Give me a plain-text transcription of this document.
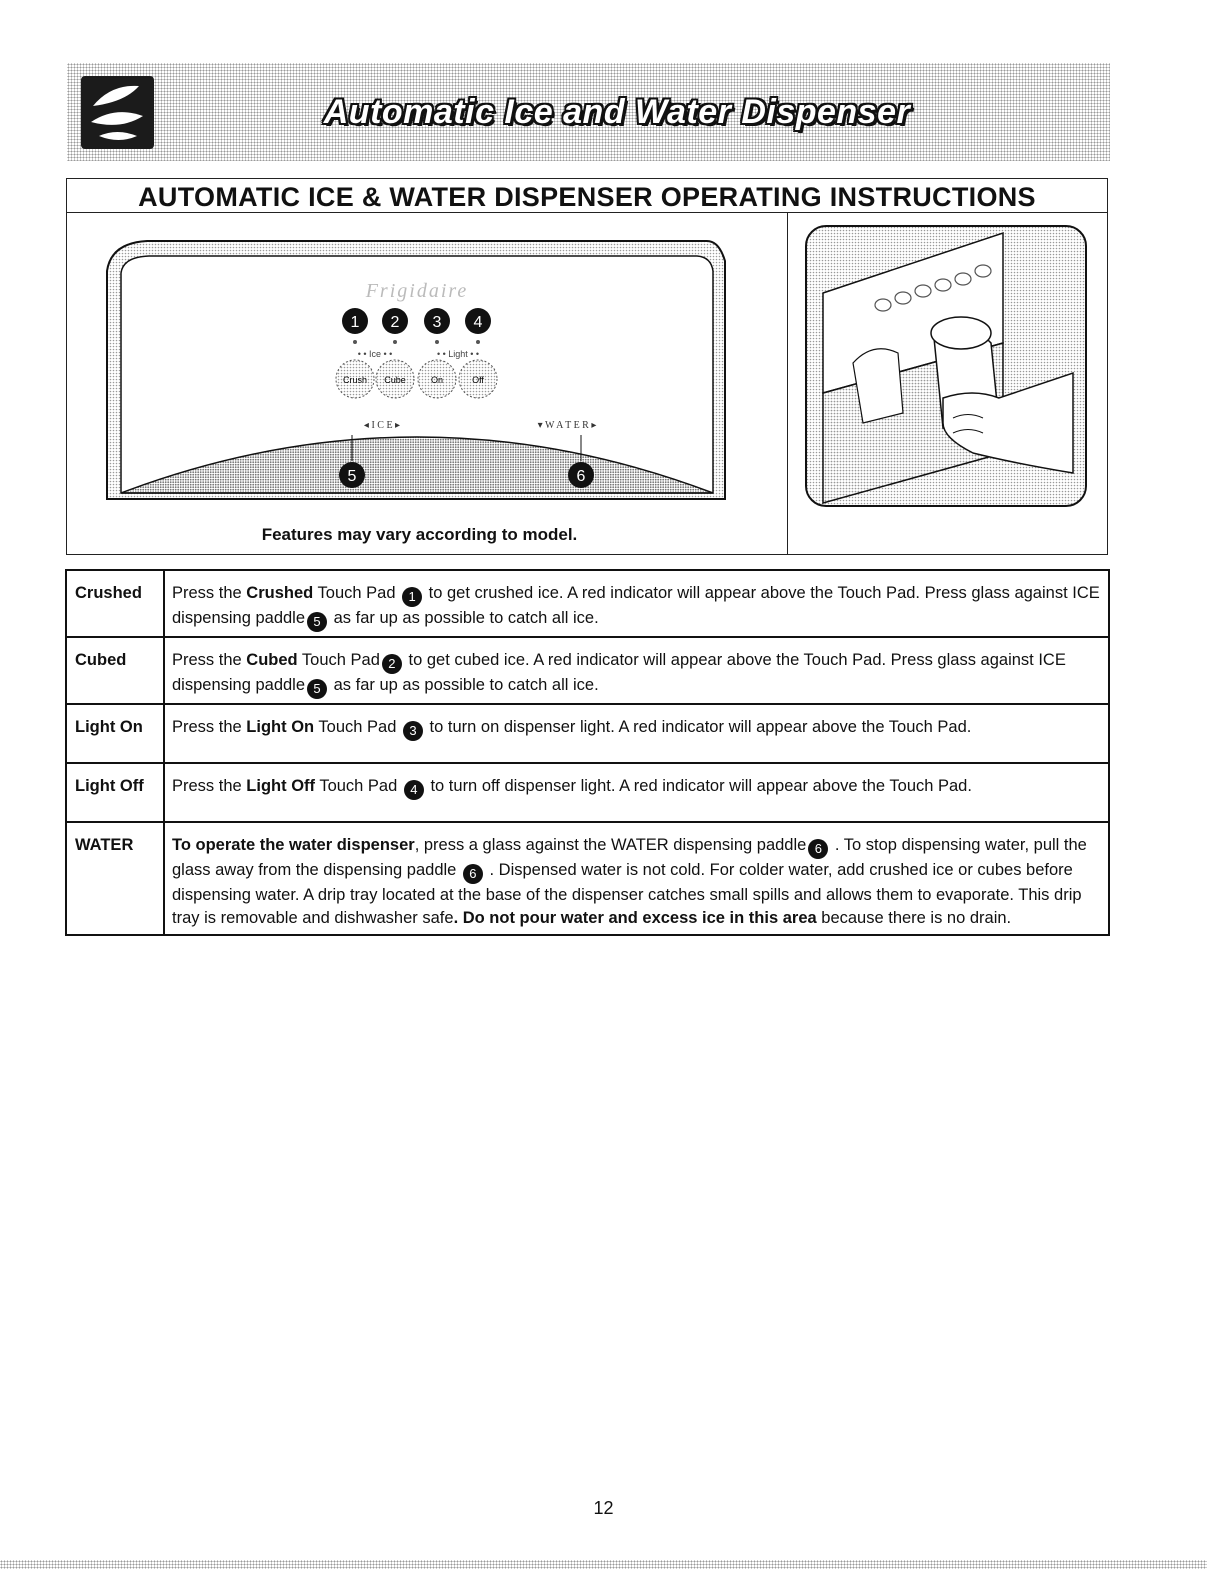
Automatic Ice and Water Dispenser
AUTOMATIC ICE & WATER DISPENSER OPERATING INSTRUCTIONS
Frigidaire
1 2 3 4
• • Ice • •	• • Light • •
Crush Cube	On	Off
◂ I C E ▸	▾ W A T E R ▸
5	6
Features may vary according to model.
Crushed	Press the Crushed Touch Pad 1 to get crushed ice. A red indicator will appear above the Touch Pad. Press glass against ICE dispensing paddle 5 as far up as possible to catch all ice.
Cubed	Press the Cubed Touch Pad 2 to get cubed ice. A red indicator will appear above the Touch Pad. Press glass against ICE dispensing paddle 5 as far up as possible to catch all ice.
Light On	Press the Light On Touch Pad 3 to turn on dispenser light. A red indicator will appear above the Touch Pad.
Light Off	Press the Light Off Touch Pad 4 to turn off dispenser light. A red indicator will appear above the Touch Pad.
WATER	To operate the water dispenser, press a glass against the WATER dispensing paddle 6 . To stop dispensing water, pull the glass away from the dispensing paddle 6 . Dispensed water is not cold. For colder water, add crushed ice or cubes before dispensing water. A drip tray located at the base of the dispenser catches small spills and allows them to evaporate. This drip tray is removable and dishwasher safe. Do not pour water and excess ice in this area because there is no drain.
12
